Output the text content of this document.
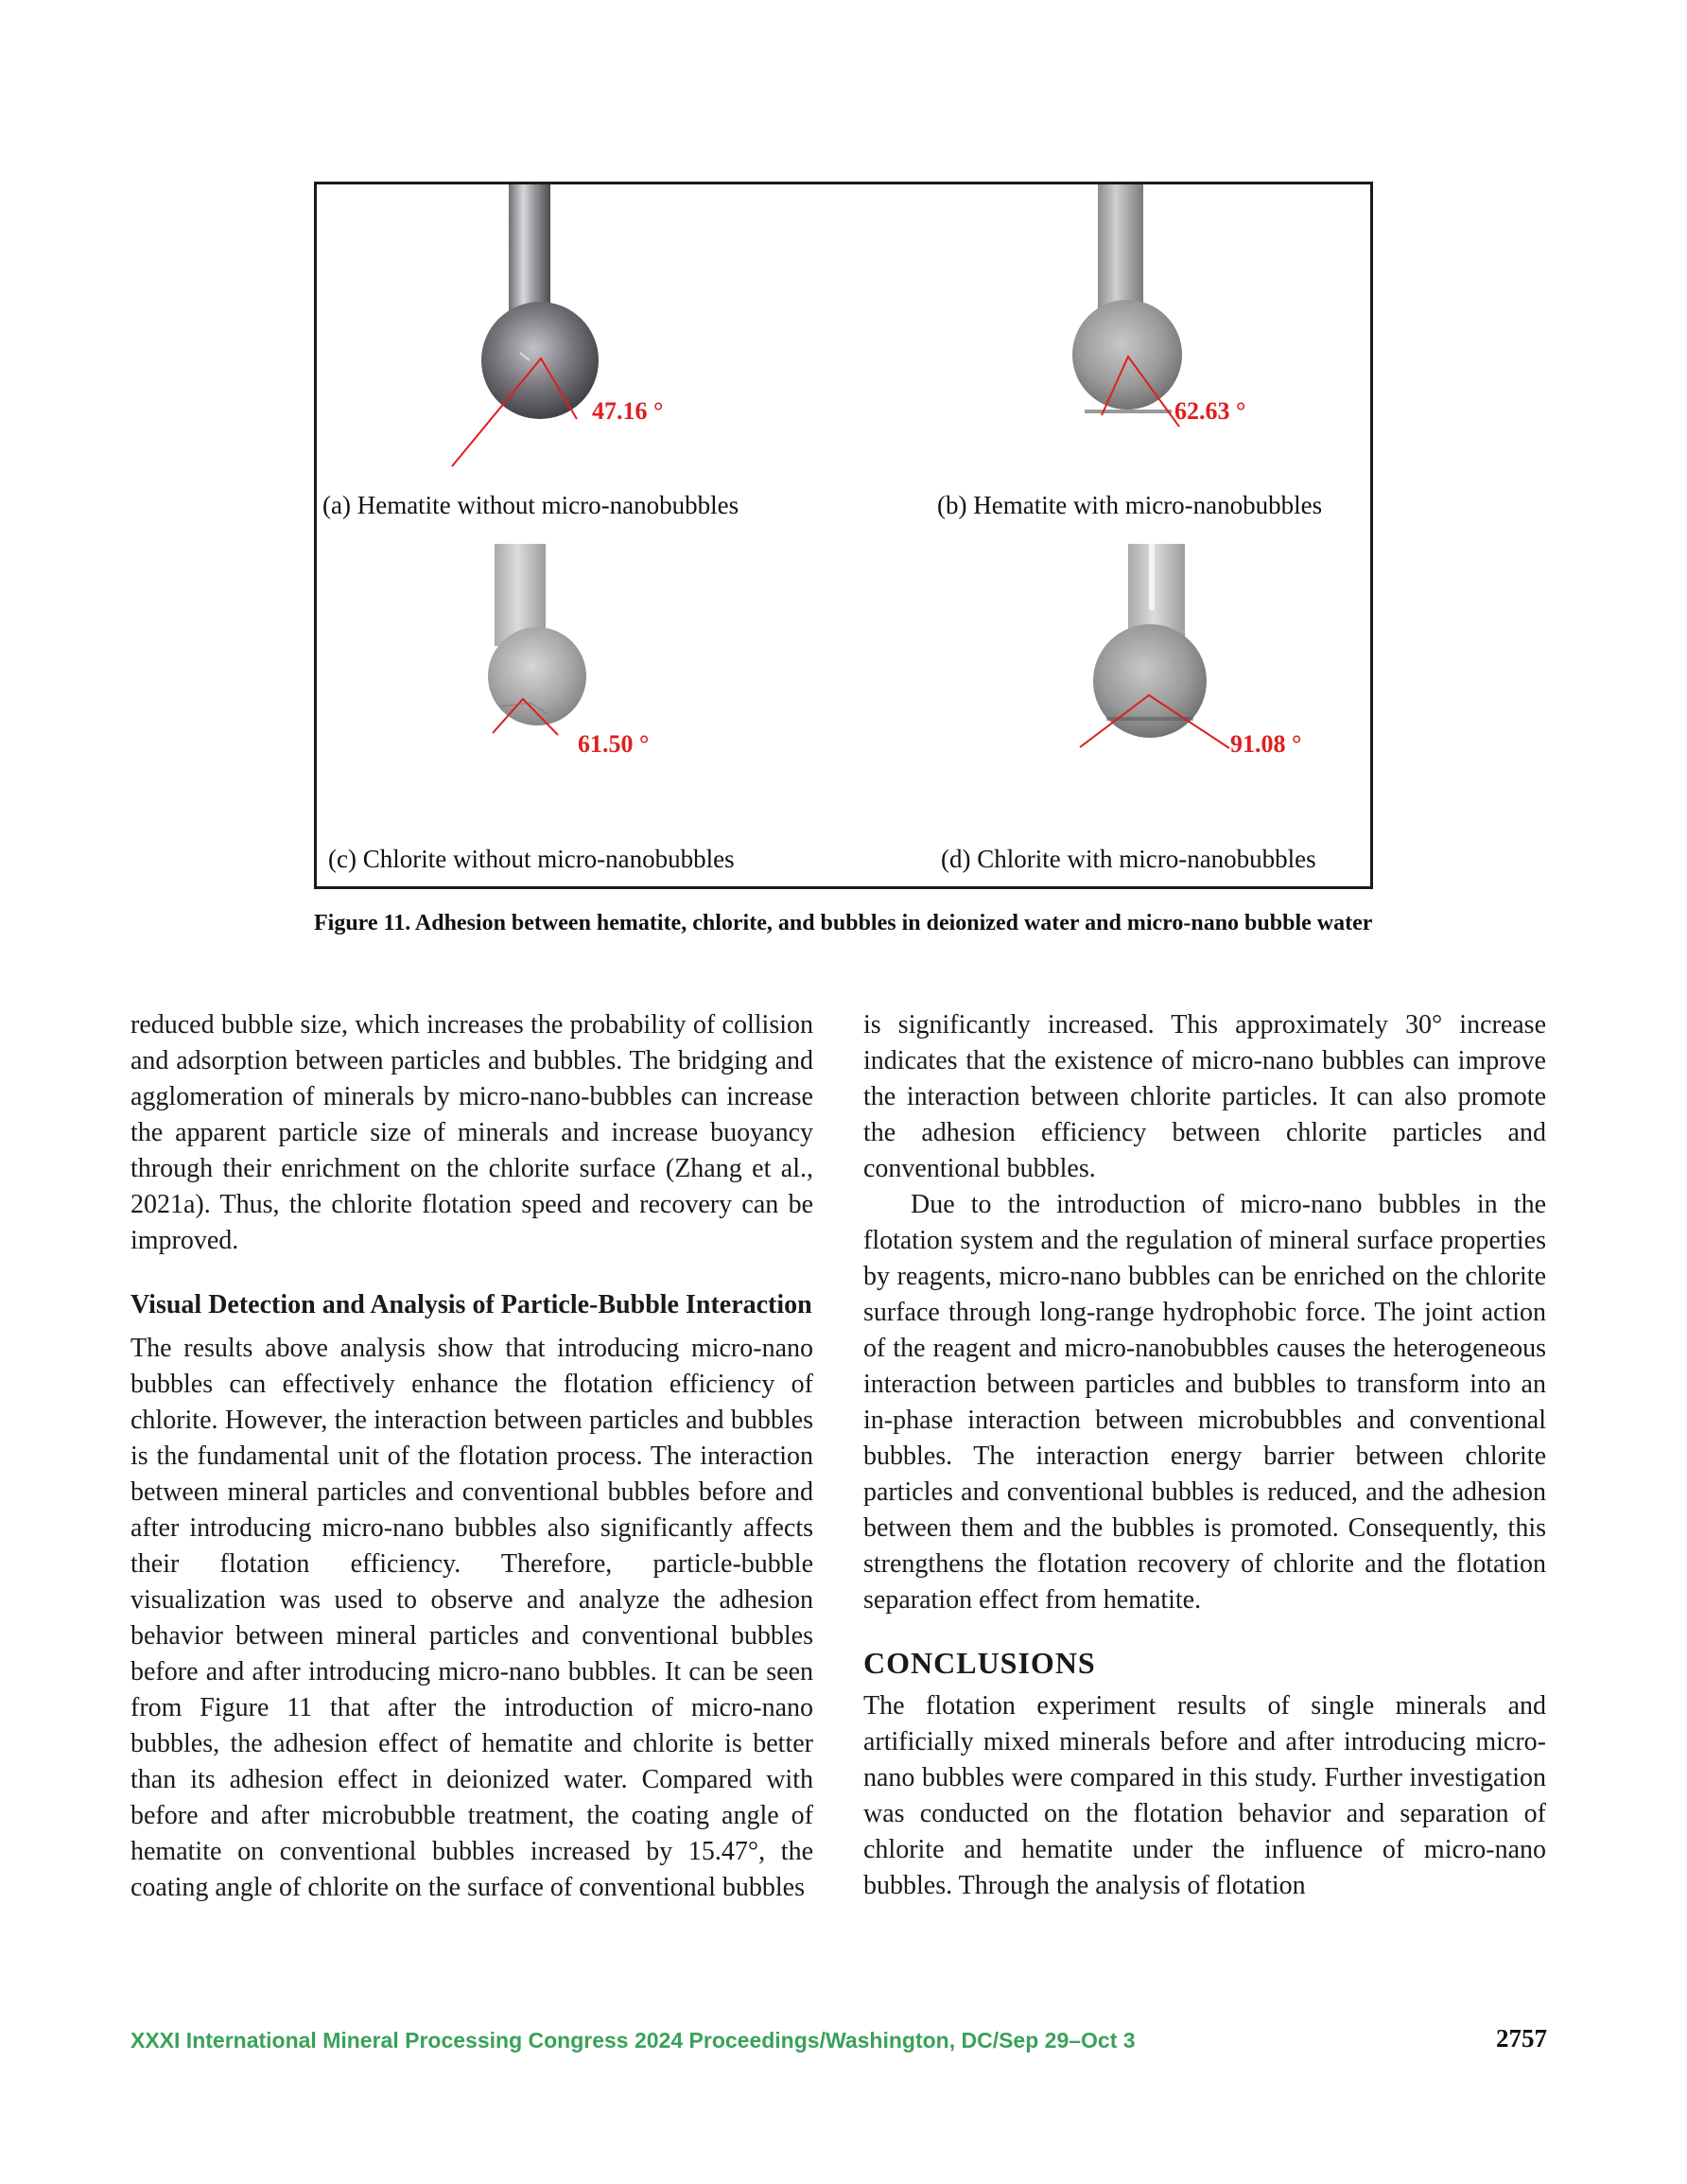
47.16 °	62.63 °
61.50 °	91.08 °
(a) Hematite without micro-nanobubbles	(b) Hematite with micro-nanobubbles
(c) Chlorite without micro-nanobubbles	(d) Chlorite with micro-nanobubbles
Figure 11. Adhesion between hematite, chlorite, and bubbles in deionized water and micro-nano bubble water

reduced bubble size, which increases the probability of collision and adsorption between particles and bubbles. The bridging and agglomeration of minerals by micro-nano-bubbles can increase the apparent particle size of minerals and increase buoyancy through their enrichment on the chlorite surface (Zhang et al., 2021a). Thus, the chlorite flotation speed and recovery can be improved.

Visual Detection and Analysis of Particle-Bubble Interaction

The results above analysis show that introducing micro-nano bubbles can effectively enhance the flotation efficiency of chlorite. However, the interaction between particles and bubbles is the fundamental unit of the flotation process. The interaction between mineral particles and conventional bubbles before and after introducing micro-nano bubbles also significantly affects their flotation efficiency. Therefore, particle-bubble visualization was used to observe and analyze the adhesion behavior between mineral particles and conventional bubbles before and after introducing micro-nano bubbles. It can be seen from Figure 11 that after the introduction of micro-nano bubbles, the adhesion effect of hematite and chlorite is better than its adhesion effect in deionized water. Compared with before and after microbubble treatment, the coating angle of hematite on conventional bubbles increased by 15.47°, the coating angle of chlorite on the surface of conventional bubbles

is significantly increased. This approximately 30° increase indicates that the existence of micro-nano bubbles can improve the interaction between chlorite particles. It can also promote the adhesion efficiency between chlorite particles and conventional bubbles.

Due to the introduction of micro-nano bubbles in the flotation system and the regulation of mineral surface properties by reagents, micro-nano bubbles can be enriched on the chlorite surface through long-range hydrophobic force. The joint action of the reagent and micro-nanobubbles causes the heterogeneous interaction between particles and bubbles to transform into an in-phase interaction between microbubbles and conventional bubbles. The interaction energy barrier between chlorite particles and conventional bubbles is reduced, and the adhesion between them and the bubbles is promoted. Consequently, this strengthens the flotation recovery of chlorite and the flotation separation effect from hematite.

CONCLUSIONS

The flotation experiment results of single minerals and artificially mixed minerals before and after introducing micro-nano bubbles were compared in this study. Further investigation was conducted on the flotation behavior and separation of chlorite and hematite under the influence of micro-nano bubbles. Through the analysis of flotation

XXXI International Mineral Processing Congress 2024 Proceedings/Washington, DC/Sep 29–Oct 3	2757
